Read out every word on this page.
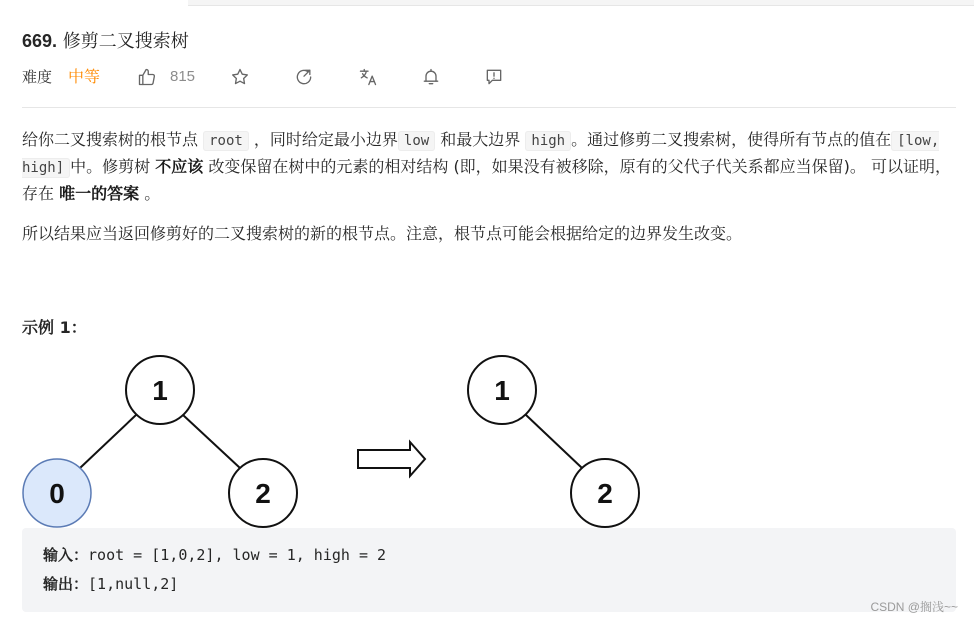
669. 修剪二叉搜索树
难度 中等	815

给你二叉搜索树的根节点 root ，同时给定最小边界 low 和最大边界 high 。通过修剪二叉搜索树，使得所有节点的值在 [low, high] 中。修剪树 不应该 改变保留在树中的元素的相对结构 (即，如果没有被移除，原有的父代子代关系都应当保留)。 可以证明，存在 唯一的答案 。

所以结果应当返回修剪好的二叉搜索树的新的根节点。注意，根节点可能会根据给定的边界发生改变。

示例 1：
1
0	2
1
2
输入：root = [1,0,2], low = 1, high = 2
输出：[1,null,2]
CSDN @搁浅~~
